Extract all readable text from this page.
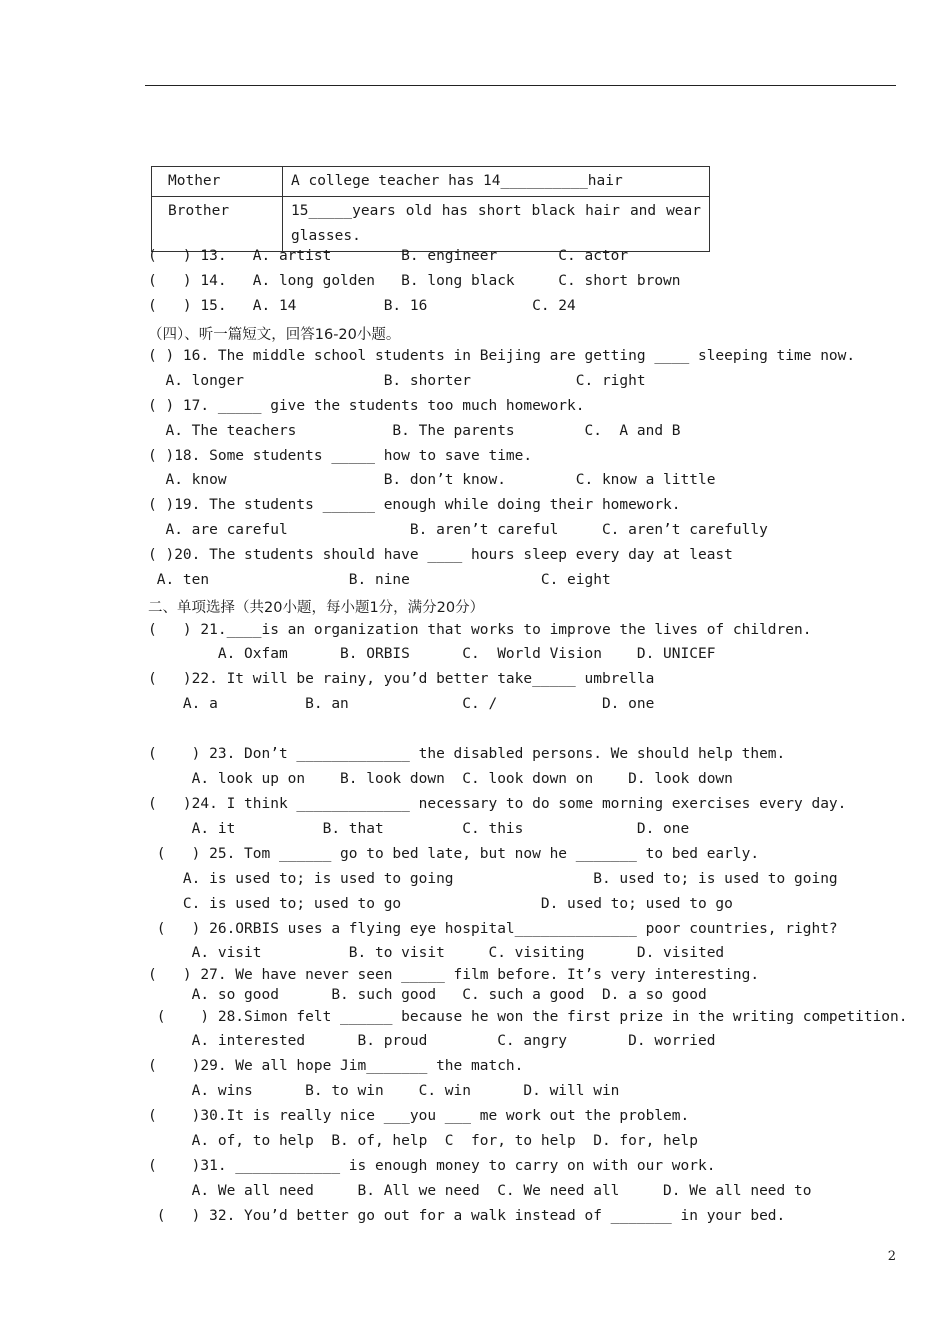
Mother	A college teacher has 14__________hair
Brother	15_____years old has short black hair and wear glasses.
(   ) 13.   A. artist        B. engineer       C. actor
(   ) 14.   A. long golden   B. long black     C. short brown
(   ) 15.   A. 14          B. 16            C. 24
（四）、听一篇短文，回答16-20小题。
( ) 16. The middle school students in Beijing are getting ____ sleeping time now.
A. longer                B. shorter            C. right
( ) 17. _____ give the students too much homework.
A. The teachers           B. The parents        C.  A and B
( )18. Some students _____ how to save time.
A. know                  B. don’t know.        C. know a little
( )19. The students ______ enough while doing their homework.
A. are careful              B. aren’t careful     C. aren’t carefully
( )20. The students should have ____ hours sleep every day at least
A. ten                B. nine               C. eight
二、单项选择（共20小题，每小题1分，满分20分）
(   ) 21.____is an organization that works to improve the lives of children.
A. Oxfam      B. ORBIS      C.  World Vision    D. UNICEF
(   )22. It will be rainy, you’d better take_____ umbrella
A. a          B. an             C. /            D. one
(    ) 23. Don’t _____________ the disabled persons. We should help them.
A. look up on    B. look down  C. look down on    D. look down
(   )24. I think _____________ necessary to do some morning exercises every day.
A. it          B. that         C. this             D. one
(   ) 25. Tom ______ go to bed late, but now he _______ to bed early.
A. is used to; is used to going                B. used to; is used to going
C. is used to; used to go                D. used to; used to go
(   ) 26.ORBIS uses a flying eye hospital______________ poor countries, right?
A. visit          B. to visit     C. visiting      D. visited
(   ) 27. We have never seen _____ film before. It’s very interesting.
A. so good      B. such good   C. such a good  D. a so good
(    ) 28.Simon felt ______ because he won the first prize in the writing competition.
A. interested      B. proud        C. angry       D. worried
(    )29. We all hope Jim_______ the match.
A. wins      B. to win    C. win      D. will win
(    )30.It is really nice ___you ___ me work out the problem.
A. of, to help  B. of, help  C  for, to help  D. for, help
(    )31. ____________ is enough money to carry on with our work.
A. We all need     B. All we need  C. We need all     D. We all need to
(   ) 32. You’d better go out for a walk instead of _______ in your bed.
2
